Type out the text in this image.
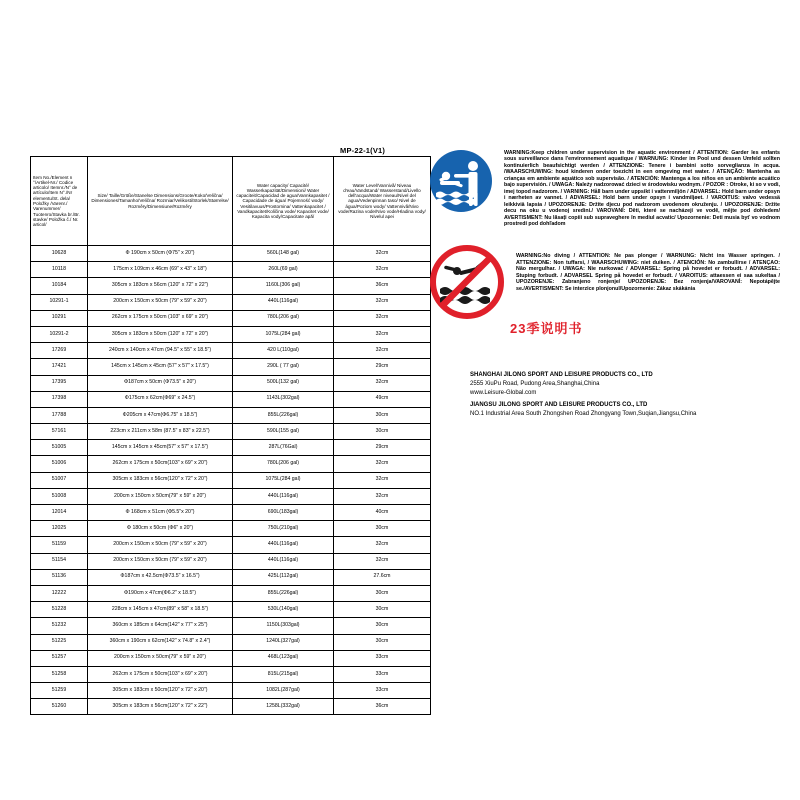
MP-22-1(V1)
Item No./Element n °/Artikel-Nr./ Codice articolo/ Itemnr./N° de artículo/Item N°./Nr elementu/St. dela/ Položky /Varenr./ Varenummer/ Tuotenro/Stavka br./Br. stavke/ Položka č./ Nr. articol/	Size/ Taille/Größe/Stanelse Dimensions/Groote/Koko/Velična/ Dimensiones/Tamanho/Velična/ Rozmiar/Velikosti/Storlek/Størrelse/ Rozměry/Dimensiune/Rozměry	Water capacity/ Capacité/ Wasserkapazität/Dimensioni/ Water capaciteit/Capacidad de agua/Vannkapasitet / Capacidade de água/ Pojemność wody/ Vesitilavuus/Prostornina/ Vattenkapacitet / Vandkapacitet/Količina vode/ Kapacitet vode/ Kapacita vody/Capacitate apă/	Water Level/Vannivå/ Niveau d'eau/Vandstand/ Wasserstand/Livello dell'acqua/Water niveau/Nivel del agua/Vedenpinnan taso/ Nivel de água/Poziom wody/ Vattennivå/Nivo vode/Razina vode/Nivo vode/Hladina vody/ Nivelul apei
10628	Φ 190cm x 50cm (Φ75" x 20")	560L(148 gal)	32cm
10118	175cm x 109cm x 46cm (69" x 43" x 18")	260L(69 gal)	32cm
10184	305cm x 183cm x 56cm (120" x 72" x 22")	1160L(306 gal)	36cm
10291-1	200cm x 150cm x 50cm (79" x 59" x 20")	440L(116gal)	32cm
10291	262cm x 175cm x 50cm (103" x 69" x 20")	780L(206 gal)	32cm
10291-2	305cm x 183cm x 50cm (120" x 72" x 20")	1075L(284 gal)	32cm
17269	240cm x 140cm x 47cm (94.5" x 55" x 18.5")	420 L(110gal)	32cm
17421	145cm x 145cm x 45cm (57" x 57" x 17.5")	290L ( 77 gal)	29cm
17395	Φ187cm x 50cm (Φ73.5" x 20")	500L(132 gal)	32cm
17398	Φ175cm x 62cm(Φ69" x 24.5")	1143L(302gal)	49cm
17788	Φ205cm x 47cm(Φ6.75" x 18.5")	855L(226gal)	30cm
57161	223cm x 211cm x 58m (87.5" x 83" x 22.5")	590L(155 gal)	30cm
51005	145cm x 145cm x 45cm(57" x 57" x 17.5")	287L(76Gal)	29cm
51006	262cm x 175cm x 50cm(103" x 69" x 20")	780L(206 gal)	32cm
51007	305cm x 183cm x 56cm(120" x 72" x 20")	1075L(284 gal)	32cm
51008	200cm x 150cm x 50cm(79" x 59" x 20")	440L(116gal)	32cm
12014	Φ 168cm x 51cm (Φ5.5"x 20")	690L(183gal)	40cm
12025	Φ 180cm x 50cm (Φ6" x 20")	750L(210gal)	30cm
51159	200cm x 150cm x 50cm (79" x 59" x 20")	440L(116gal)	32cm
51154	200cm x 150cm x 50cm (79" x 59" x 20")	440L(116gal)	32cm
51136	Φ187cm x 42.5cm(Φ73.5" x 16.5")	425L(112gal)	27.6cm
12222	Φ190cm x 47cm(Φ6.2" x 18.5")	855L(226gal)	30cm
51228	228cm x 145cm x 47cm(89" x 58" x 18.5")	530L(140gal)	30cm
51232	360cm x 185cm x 64cm(142" x 77" x 25")	1150L(303gal)	30cm
51225	360cm x 190cm x 62cm(142" x 74.8" x 2.4")	1240L(327gal)	30cm
51257	200cm x 150cm x 50cm(79" x 59" x 20")	468L(123gal)	33cm
51258	262cm x 175cm x 50cm(103" x 69" x 20")	815L(215gal)	33cm
51259	305cm x 183cm x 50cm(120" x 72" x 20")	1082L(287gal)	33cm
51260	305cm x 183cm x 56cm(120" x 72" x 22")	1258L(332gal)	36cm
WARNING:Keep children under supervision in the aquatic environment / ATTENTION: Garder les enfants sous surveillance dans l'environnement aquatique / WARNUNG: Kinder im Pool und dessen Umfeld sollten kontinuierlich beaufsichtigt werden / ATTENZIONE: Tenere i bambini sotto sorveglianza in acqua. /WAARSCHUWING: houd kinderen onder toezicht in een omgeving met water. / ATENÇÃO: Mantenha as crianças em ambiente aquático sob supervisão. / ATENCIÓN: Mantenga a los niños en un ambiente acuático bajo supervisión. / UWAGA: Należy nadzorować dzieci w środowisku wodnym. / POZOR : Otroke, ki so v vodi, imej topod nadzorom. / VARNING: Håll barn under uppsikt i vattenmiljön / ADVARSEL: Hold barn under opsyn i nærheten av vannet. / ADVARSEL: Hold børn under opsyn i vandmiljøet. / VAROITUS: valvo vedessä leikkiviä lapsia / UPOZORENJE: Držite djecu pod nadzorom uvodenom okruženju. / UPOZORENJE: Držite decu na oku u vodenoj sredini./ VAROVANÍ: Děti, které se nacházejí ve vodě, mějte pod dohledem/ AVERTISMENT: Nu lăsați copiii sub supraveghere în mediul acvatic/ Upozornenie: Deti musia byť vo vodnom prostredí pod dohľadom
WARNING:No diving / ATTENTION: Ne pas plonger / WARNUNG: Nicht ins Wasser springen. / ATTENZIONE: Non tuffarsi, / WAARSCHUWING: niet duiken. / ATENCIÓN: No zambullirse / ATENÇAO: Não mergulhar. / UWAGA: Nie nurkować / ADVARSEL: Spring på hovedet er forbudt. / ADVARSEL: Stuping forbudt. / ADVARSEL Spring på hovedet er forbudt. / VAROITUS: attaessen ei saa sukeltaa / UPOZORENJE: Zabranjeno ronjenje/ UPOZORENJE: Bez ronjenja/VAROVANÍ: Nepotápějte se./AVERTISMENT: Se interzice plonjonul/Upozornenie: Zákaz skákánia
23季说明书
SHANGHAI JILONG SPORT AND LEISURE PRODUCTS CO., LTD
2555 XiuPu Road, Pudong Area,Shanghai,China
www.Leisure-Global.com
JIANGSU JILONG SPORT AND LEISURE PRODUCTS CO., LTD
NO.1 Industrial Area South Zhongshen Road Zhongyang Town,Suqian,Jiangsu,China
